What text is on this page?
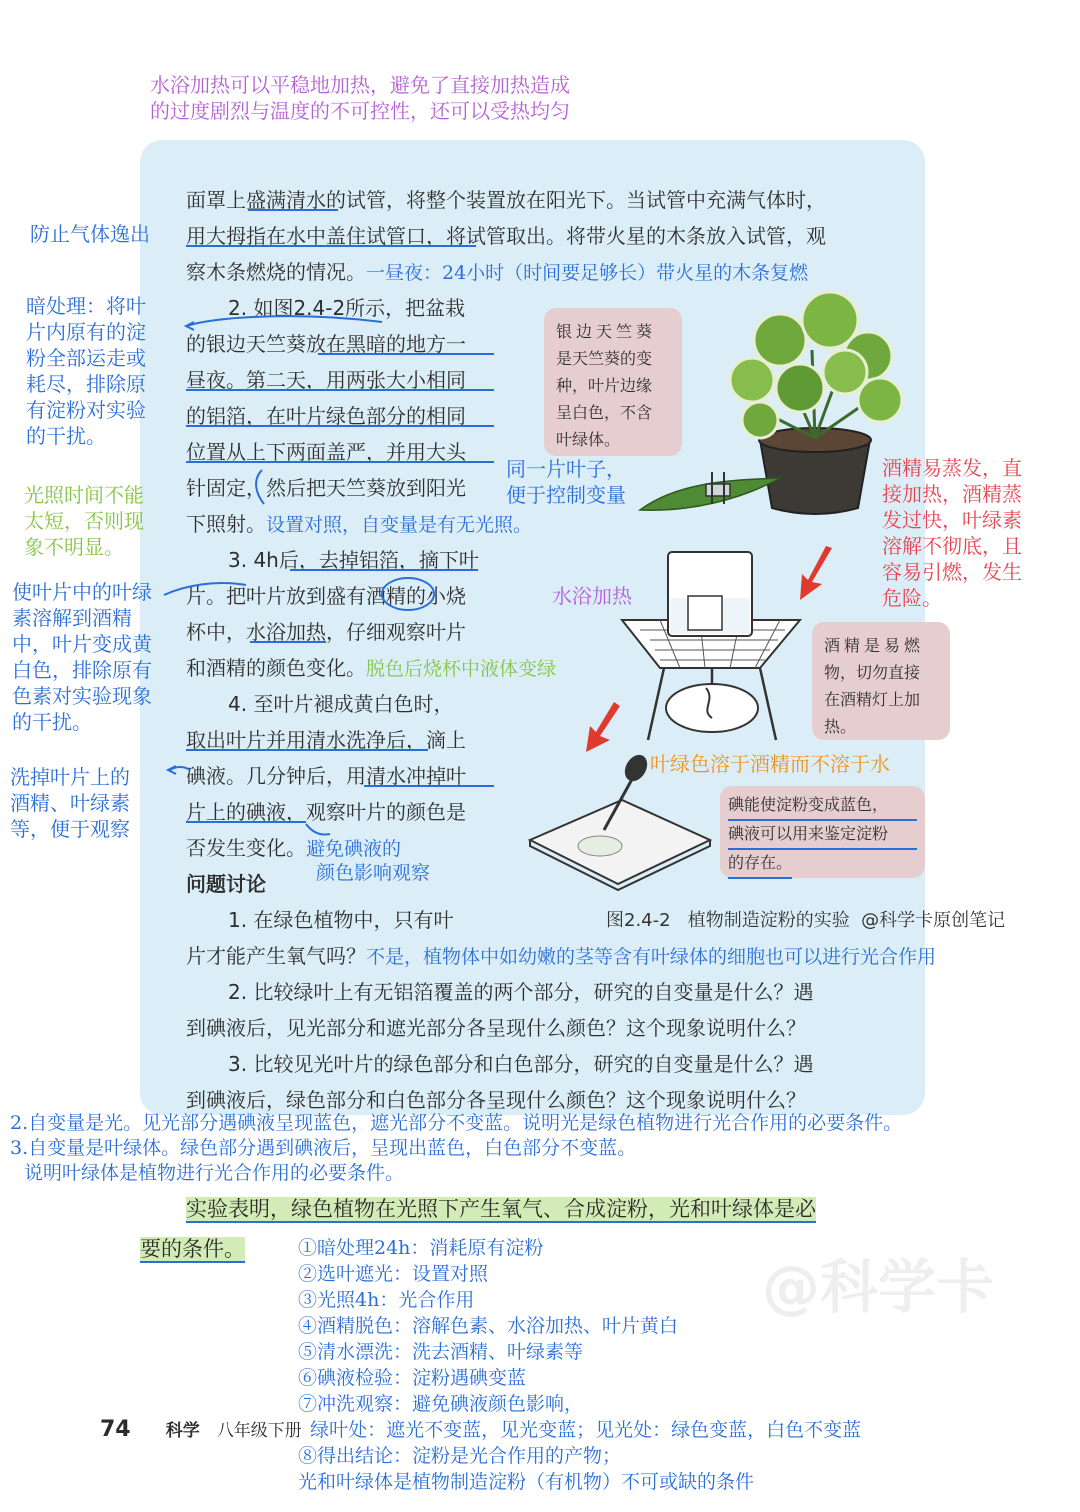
水浴加热可以平稳地加热，避免了直接加热造成
的过度剧烈与温度的不可控性，还可以受热均匀
面罩上盛满清水的试管，将整个装置放在阳光下。当试管中充满气体时，
用大拇指在水中盖住试管口，将试管取出。将带火星的木条放入试管，观
察木条燃烧的情况。一昼夜：24小时（时间要足够长）带火星的木条复燃
2. 如图2.4-2所示，把盆栽
的银边天竺葵放在黑暗的地方一
昼夜。第二天，用两张大小相同
的铝箔，在叶片绿色部分的相同
位置从上下两面盖严，并用大头
针固定，然后把天竺葵放到阳光
下照射。设置对照，自变量是有无光照。
3. 4h后，去掉铝箔，摘下叶
片。把叶片放到盛有酒精的小烧
杯中，水浴加热，仔细观察叶片
和酒精的颜色变化。脱色后烧杯中液体变绿
4. 至叶片褪成黄白色时，
取出叶片并用清水洗净后，滴上
碘液。几分钟后，用清水冲掉叶
片上的碘液，观察叶片的颜色是
否发生变化。避免碘液的
颜色影响观察
问题讨论
1. 在绿色植物中，只有叶
片才能产生氧气吗？不是，植物体中如幼嫩的茎等含有叶绿体的细胞也可以进行光合作用
2. 比较绿叶上有无铝箔覆盖的两个部分，研究的自变量是什么？遇
到碘液后，见光部分和遮光部分各呈现什么颜色？这个现象说明什么？
3. 比较见光叶片的绿色部分和白色部分，研究的自变量是什么？遇
到碘液后，绿色部分和白色部分各呈现什么颜色？这个现象说明什么？
防止气体逸出
暗处理：将叶
片内原有的淀
粉全部运走或
耗尽，排除原
有淀粉对实验
的干扰。
光照时间不能
太短，否则现
象不明显。
使叶片中的叶绿
素溶解到酒精
中，叶片变成黄
白色，排除原有
色素对实验现象
的干扰。
洗掉叶片上的
酒精、叶绿素
等，便于观察
银边天竺葵
是天竺葵的变
种，叶片边缘
呈白色，不含
叶绿体。
酒精是易燃
物，切勿直接
在酒精灯上加
热。
碘能使淀粉变成蓝色，
碘液可以用来鉴定淀粉
的存在。
同一片叶子，
便于控制变量
酒精易蒸发，直
接加热，酒精蒸
发过快，叶绿素
溶解不彻底，且
容易引燃，发生
危险。
水浴加热
叶绿色溶于酒精而不溶于水
图2.4-2   植物制造淀粉的实验  @科学卡原创笔记
2.自变量是光。见光部分遇碘液呈现蓝色，遮光部分不变蓝。说明光是绿色植物进行光合作用的必要条件。
3.自变量是叶绿体。绿色部分遇到碘液后，呈现出蓝色，白色部分不变蓝。
说明叶绿体是植物进行光合作用的必要条件。
实验表明，绿色植物在光照下产生氧气、合成淀粉，光和叶绿体是必
要的条件。	①暗处理24h：消耗原有淀粉
②选叶遮光：设置对照
③光照4h：光合作用
④酒精脱色：溶解色素、水浴加热、叶片黄白
⑤清水漂洗：洗去酒精、叶绿素等
⑥碘液检验：淀粉遇碘变蓝
⑦冲洗观察：避免碘液颜色影响，
绿叶处：遮光不变蓝，见光变蓝；见光处：绿色变蓝，白色不变蓝
⑧得出结论：淀粉是光合作用的产物；
光和叶绿体是植物制造淀粉（有机物）不可或缺的条件
@科学卡
74 科学 八年级下册
